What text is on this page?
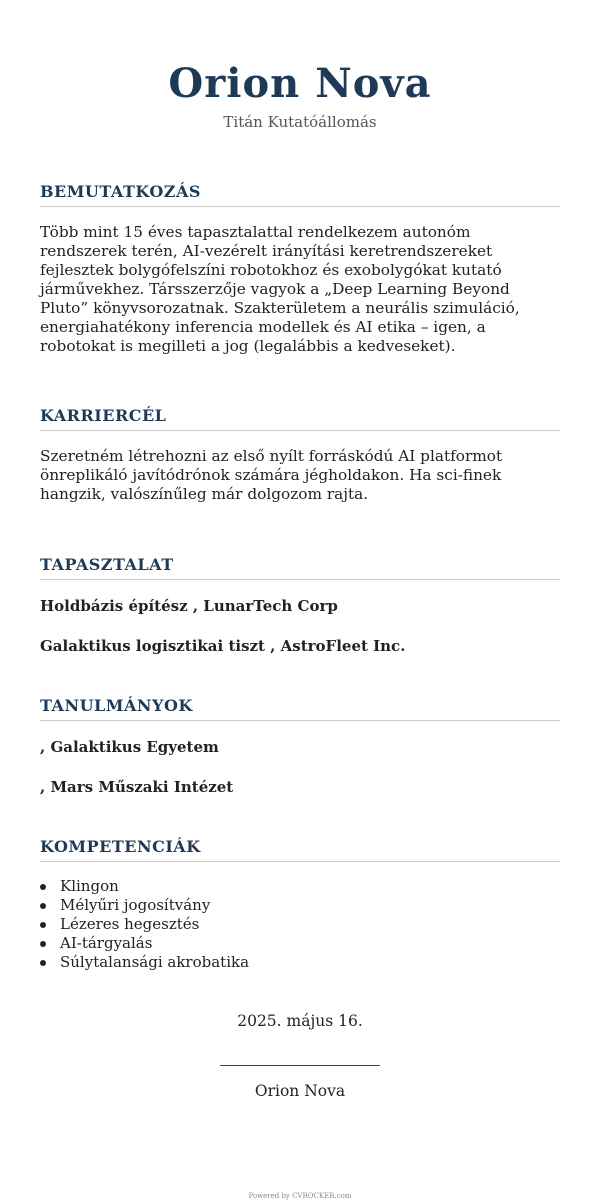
Orion Nova
Titán Kutatóállomás
BEMUTATKOZÁS
Több mint 15 éves tapasztalattal rendelkezem autonóm rendszerek terén, AI-vezérelt irányítási keretrendszereket fejlesztek bolygófelszíni robotokhoz és exobolygókat kutató járművekhez. Társszerzője vagyok a „Deep Learning Beyond Pluto” könyvsorozatnak. Szakterületem a neurális szimuláció, energiahatékony inferencia modellek és AI etika – igen, a robotokat is megilleti a jog (legalábbis a kedveseket).
KARRIERCÉL
Szeretném létrehozni az első nyílt forráskódú AI platformot önreplikáló javítódrónok számára jégholdakon. Ha sci-finek hangzik, valószínűleg már dolgozom rajta.
TAPASZTALAT
Holdbázis építész , LunarTech Corp
Galaktikus logisztikai tiszt , AstroFleet Inc.
TANULMÁNYOK
, Galaktikus Egyetem
, Mars Műszaki Intézet
KOMPETENCIÁK
Klingon
Mélyűri jogosítvány
Lézeres hegesztés
AI-tárgyalás
Súlytalansági akrobatika
2025. május 16.
Orion Nova
Powered by CVROCKER.com
